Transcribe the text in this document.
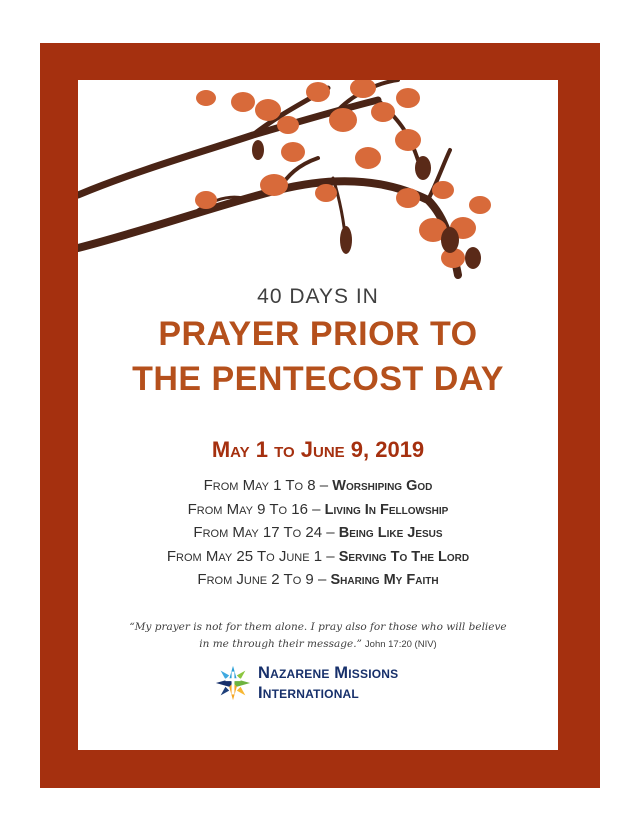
40 DAYS IN
PRAYER PRIOR TO
THE PENTECOST DAY
May 1 to June 9, 2019
From May 1 To 8 – Worshiping God
From May 9 To 16 – Living In Fellowship
From May 17 To 24 – Being Like Jesus
From May 25 To June 1 – Serving To The Lord
From June 2 To 9 – Sharing My Faith
“My prayer is not for them alone. I pray also for those who will believe
in me through their message.” John 17:20 (NIV)
Nazarene Missions
International
